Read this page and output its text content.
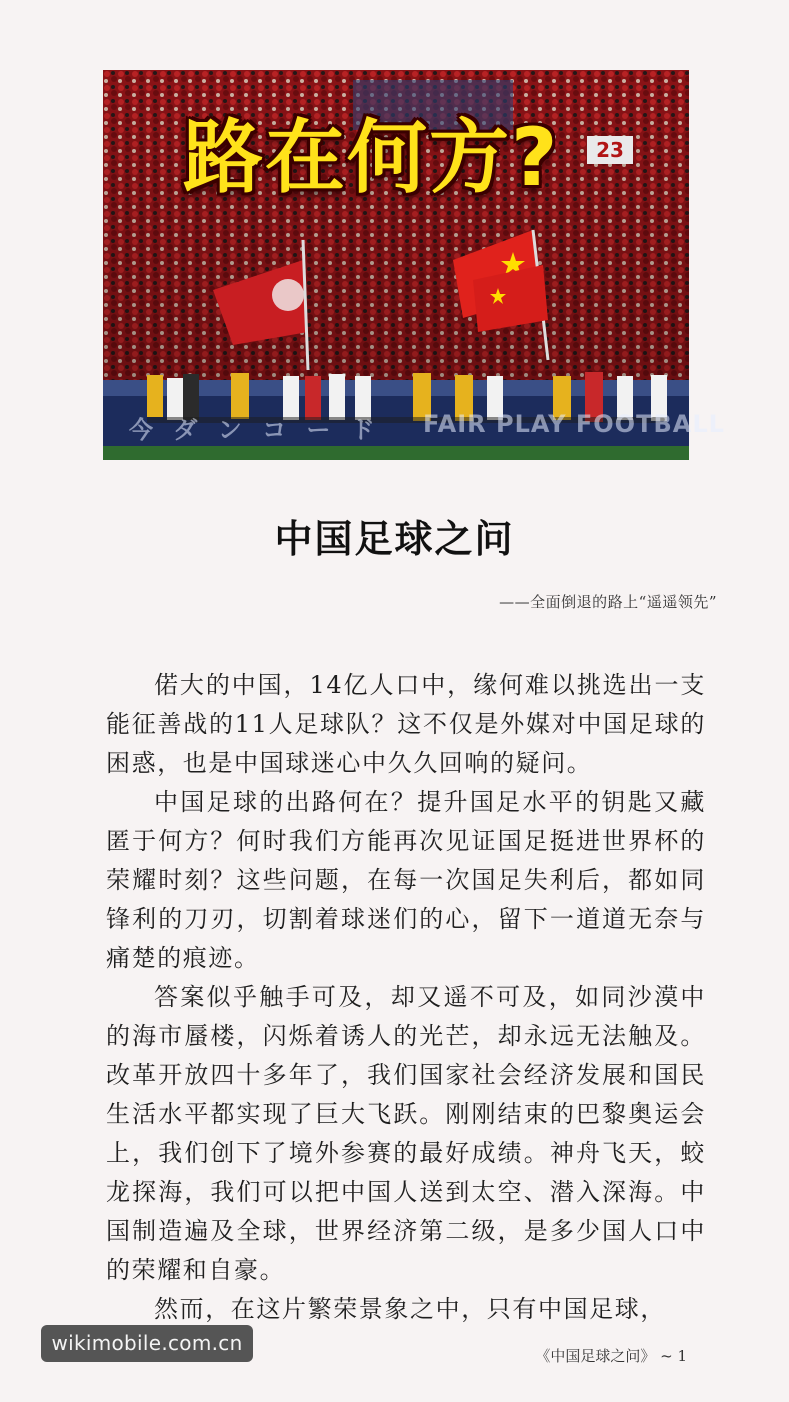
23
路在何方?
今 ダ ン コ ー ド FAIR PLAY FOOTBALL
中国足球之问
——全面倒退的路上“遥遥领先”

偌大的中国，14亿人口中，缘何难以挑选出一支能征善战的11人足球队？这不仅是外媒对中国足球的困惑，也是中国球迷心中久久回响的疑问。

中国足球的出路何在？提升国足水平的钥匙又藏匿于何方？何时我们方能再次见证国足挺进世界杯的荣耀时刻？这些问题，在每一次国足失利后，都如同锋利的刀刃，切割着球迷们的心，留下一道道无奈与痛楚的痕迹。

答案似乎触手可及，却又遥不可及，如同沙漠中的海市蜃楼，闪烁着诱人的光芒，却永远无法触及。改革开放四十多年了，我们国家社会经济发展和国民生活水平都实现了巨大飞跃。刚刚结束的巴黎奥运会上，我们创下了境外参赛的最好成绩。神舟飞天，蛟龙探海，我们可以把中国人送到太空、潜入深海。中国制造遍及全球，世界经济第二级，是多少国人口中的荣耀和自豪。

然而，在这片繁荣景象之中，只有中国足球，

wikimobile.com.cn
《中国足球之问》 ~ 1
